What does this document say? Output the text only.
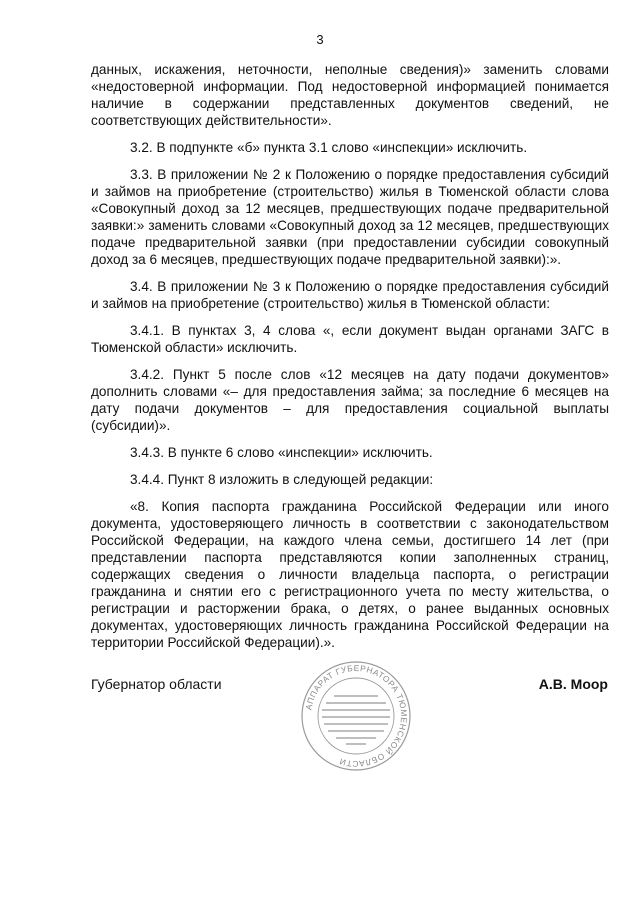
3

данных, искажения, неточности, неполные сведения)» заменить словами «недостоверной информации. Под недостоверной информацией понимается наличие в содержании представленных документов сведений, не соответствующих действительности».

3.2. В подпункте «б» пункта 3.1 слово «инспекции» исключить.

3.3. В приложении № 2 к Положению о порядке предоставления субсидий и займов на приобретение (строительство) жилья в Тюменской области слова «Совокупный доход за 12 месяцев, предшествующих подаче предварительной заявки:» заменить словами «Совокупный доход за 12 месяцев, предшествующих подаче предварительной заявки (при предоставлении субсидии совокупный доход за 6 месяцев, предшествующих подаче предварительной заявки):».

3.4. В приложении № 3 к Положению о порядке предоставления субсидий и займов на приобретение (строительство) жилья в Тюменской области:

3.4.1. В пунктах 3, 4 слова «, если документ выдан органами ЗАГС в Тюменской области» исключить.

3.4.2. Пункт 5 после слов «12 месяцев на дату подачи документов» дополнить словами «– для предоставления займа; за последние 6 месяцев на дату подачи документов – для предоставления социальной выплаты (субсидии)».

3.4.3. В пункте 6 слово «инспекции» исключить.

3.4.4. Пункт 8 изложить в следующей редакции:

«8. Копия паспорта гражданина Российской Федерации или иного документа, удостоверяющего личность в соответствии с законодательством Российской Федерации, на каждого члена семьи, достигшего 14 лет (при представлении паспорта представляются копии заполненных страниц, содержащих сведения о личности владельца паспорта, о регистрации гражданина и снятии его с регистрационного учета по месту жительства, о регистрации и расторжении брака, о детях, о ранее выданных основных документах, удостоверяющих личность гражданина Российской Федерации на территории Российской Федерации).».

Губернатор области
АППАРАТ ГУБЕРНАТОРА ТЮМЕНСКОЙ ОБЛАСТИ
А.В. Моор
